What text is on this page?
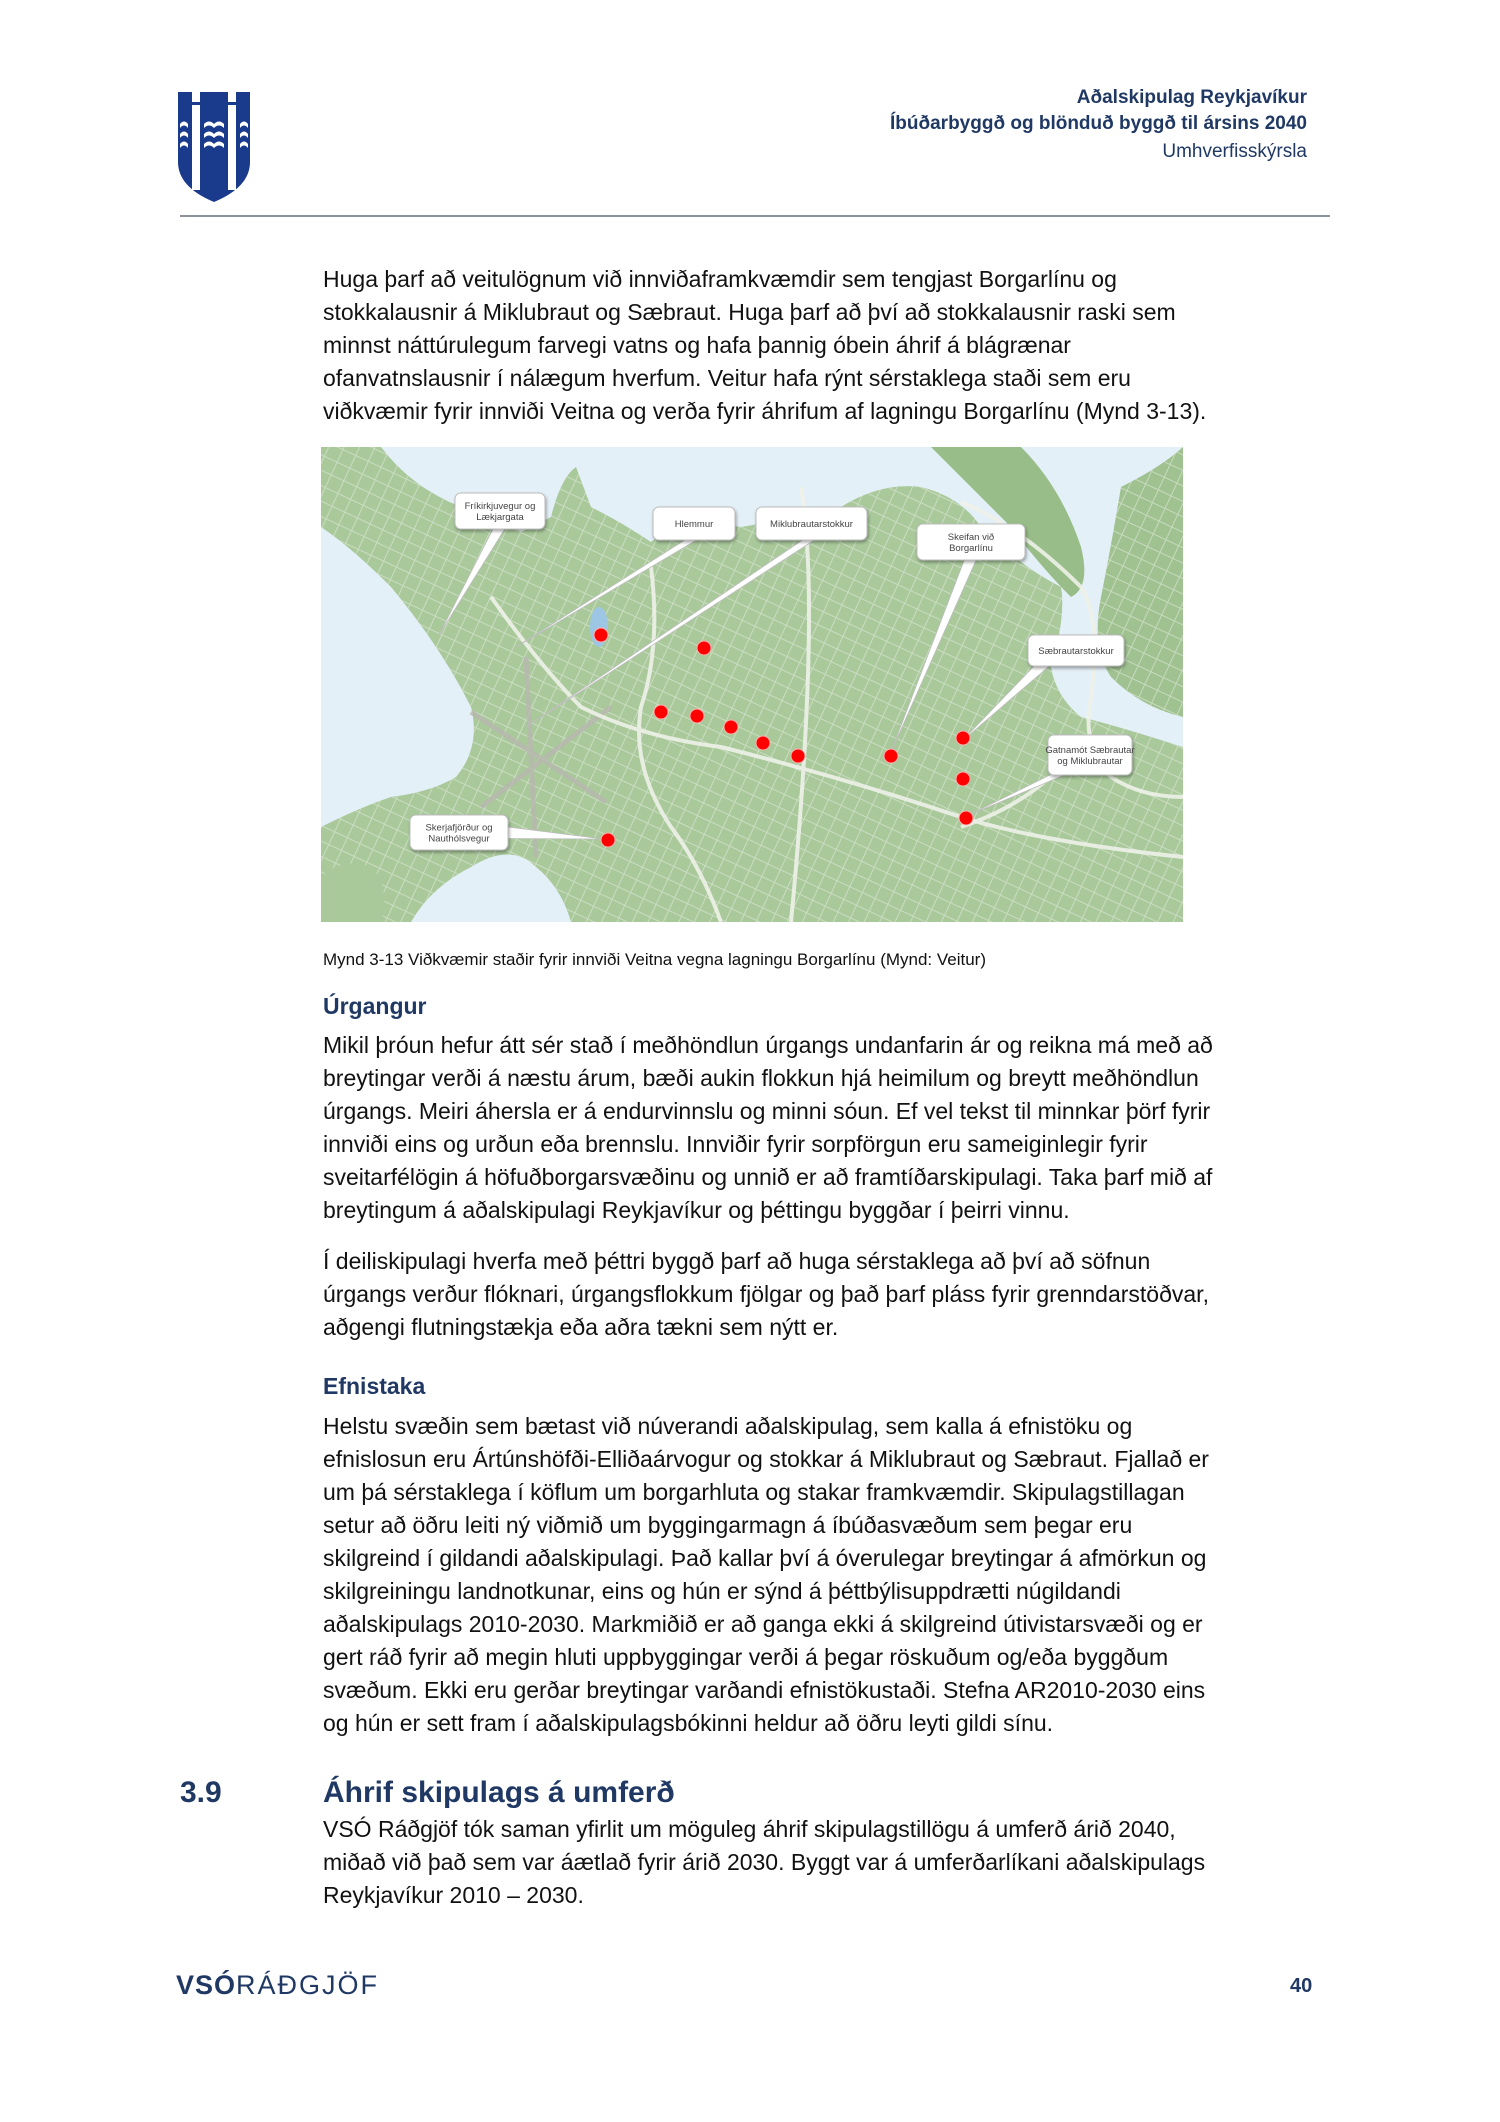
Aðalskipulag Reykjavíkur
Íbúðarbyggð og blönduð byggð til ársins 2040
Umhverfisskýrsla
Huga þarf að veitulögnum við innviðaframkvæmdir sem tengjast Borgarlínu og
stokkalausnir á Miklubraut og Sæbraut. Huga þarf að því að stokkalausnir raski sem
minnst náttúrulegum farvegi vatns og hafa þannig óbein áhrif á blágrænar
ofanvatnslausnir í nálægum hverfum. Veitur hafa rýnt sérstaklega staði sem eru
viðkvæmir fyrir innviði Veitna og verða fyrir áhrifum af lagningu Borgarlínu (Mynd 3-13).
Fríkirkjuvegur og
Lækjargata
Hlemmur	Miklubrautarstokkur
Skeifan við
Borgarlínu
Sæbrautarstokkur
Gatnamót Sæbrautar
og Miklubrautar
Skerjafjörður og
Nauthólsvegur
Mynd 3-13 Viðkvæmir staðir fyrir innviði Veitna vegna lagningu Borgarlínu (Mynd: Veitur)
Úrgangur
Mikil þróun hefur átt sér stað í meðhöndlun úrgangs undanfarin ár og reikna má með að
breytingar verði á næstu árum, bæði aukin flokkun hjá heimilum og breytt meðhöndlun
úrgangs. Meiri áhersla er á endurvinnslu og minni sóun. Ef vel tekst til minnkar þörf fyrir
innviði eins og urðun eða brennslu. Innviðir fyrir sorpförgun eru sameiginlegir fyrir
sveitarfélögin á höfuðborgarsvæðinu og unnið er að framtíðarskipulagi. Taka þarf mið af
breytingum á aðalskipulagi Reykjavíkur og þéttingu byggðar í þeirri vinnu.
Í deiliskipulagi hverfa með þéttri byggð þarf að huga sérstaklega að því að söfnun
úrgangs verður flóknari, úrgangsflokkum fjölgar og það þarf pláss fyrir grenndarstöðvar,
aðgengi flutningstækja eða aðra tækni sem nýtt er.
Efnistaka
Helstu svæðin sem bætast við núverandi aðalskipulag, sem kalla á efnistöku og
efnislosun eru Ártúnshöfði-Elliðaárvogur og stokkar á Miklubraut og Sæbraut. Fjallað er
um þá sérstaklega í köflum um borgarhluta og stakar framkvæmdir. Skipulagstillagan
setur að öðru leiti ný viðmið um byggingarmagn á íbúðasvæðum sem þegar eru
skilgreind í gildandi aðalskipulagi. Það kallar því á óverulegar breytingar á afmörkun og
skilgreiningu landnotkunar, eins og hún er sýnd á þéttbýlisuppdrætti núgildandi
aðalskipulags 2010-2030. Markmiðið er að ganga ekki á skilgreind útivistarsvæði og er
gert ráð fyrir að megin hluti uppbyggingar verði á þegar röskuðum og/eða byggðum
svæðum. Ekki eru gerðar breytingar varðandi efnistökustaði. Stefna AR2010-2030 eins
og hún er sett fram í aðalskipulagsbókinni heldur að öðru leyti gildi sínu.
3.9	Áhrif skipulags á umferð
VSÓ Ráðgjöf tók saman yfirlit um möguleg áhrif skipulagstillögu á umferð árið 2040,
miðað við það sem var áætlað fyrir árið 2030. Byggt var á umferðarlíkani aðalskipulags
Reykjavíkur 2010 – 2030.
VSÓRÁÐGJÖF	40
